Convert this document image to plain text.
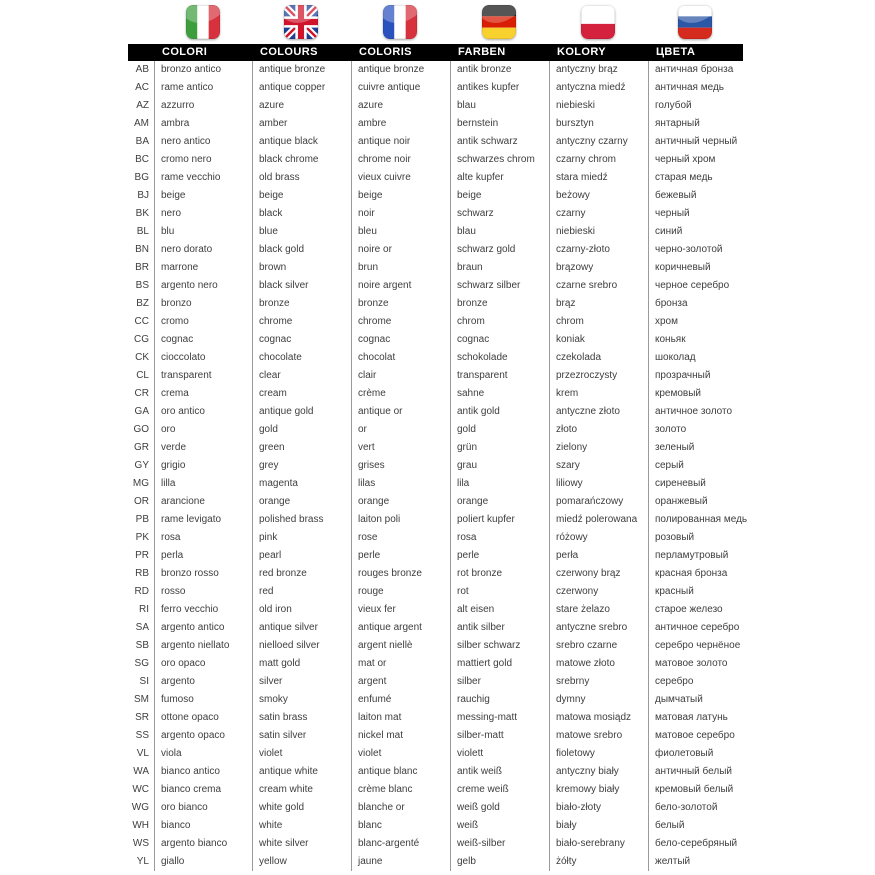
COLORI	COLOURS	COLORIS	FARBEN	KOLORY	ЦВЕТА
AB	bronzo antico	antique bronze	antique bronze	antik bronze	antyczny brąz	античная бронза
AC	rame antico	antique copper	cuivre antique	antikes kupfer	antyczna miedź	античная медь
AZ	azzurro	azure	azure	blau	niebieski	голубой
AM	ambra	amber	ambre	bernstein	bursztyn	янтарный
BA	nero antico	antique black	antique noir	antik schwarz	antyczny czarny	античный черный
BC	cromo nero	black chrome	chrome noir	schwarzes chrom	czarny chrom	черный хром
BG	rame vecchio	old brass	vieux cuivre	alte kupfer	stara miedź	старая медь
BJ	beige	beige	beige	beige	beżowy	бежевый
BK	nero	black	noir	schwarz	czarny	черный
BL	blu	blue	bleu	blau	niebieski	синий
BN	nero dorato	black gold	noire or	schwarz gold	czarny-złoto	черно-золотой
BR	marrone	brown	brun	braun	brązowy	коричневый
BS	argento nero	black silver	noire argent	schwarz silber	czarne srebro	черное серебро
BZ	bronzo	bronze	bronze	bronze	brąz	бронза
CC	cromo	chrome	chrome	chrom	chrom	хром
CG	cognac	cognac	cognac	cognac	koniak	коньяк
CK	cioccolato	chocolate	chocolat	schokolade	czekolada	шоколад
CL	transparent	clear	clair	transparent	przezroczysty	прозрачный
CR	crema	cream	crème	sahne	krem	кремовый
GA	oro antico	antique gold	antique or	antik gold	antyczne złoto	античное золото
GO	oro	gold	or	gold	złoto	золото
GR	verde	green	vert	grün	zielony	зеленый
GY	grigio	grey	grises	grau	szary	серый
MG	lilla	magenta	lilas	lila	liliowy	сиреневый
OR	arancione	orange	orange	orange	pomarańczowy	оранжевый
PB	rame levigato	polished brass	laiton poli	poliert kupfer	miedź polerowana	полированная медь
PK	rosa	pink	rose	rosa	różowy	розовый
PR	perla	pearl	perle	perle	perła	перламутровый
RB	bronzo rosso	red bronze	rouges bronze	rot bronze	czerwony brąz	красная бронза
RD	rosso	red	rouge	rot	czerwony	красный
RI	ferro vecchio	old iron	vieux fer	alt eisen	stare żelazo	старое железо
SA	argento antico	antique silver	antique argent	antik silber	antyczne srebro	античное серебро
SB	argento niellato	nielloed silver	argent niellè	silber schwarz	srebro czarne	серебро чернёное
SG	oro opaco	matt gold	mat or	mattiert gold	matowe złoto	матовое золото
SI	argento	silver	argent	silber	srebrny	серебро
SM	fumoso	smoky	enfumé	rauchig	dymny	дымчатый
SR	ottone opaco	satin brass	laiton mat	messing-matt	matowa mosiądz	матовая латунь
SS	argento opaco	satin silver	nickel mat	silber-matt	matowe srebro	матовое серебро
VL	viola	violet	violet	violett	fioletowy	фиолетовый
WA	bianco antico	antique white	antique blanc	antik weiß	antyczny biały	античный белый
WC	bianco crema	cream white	crème blanc	creme weiß	kremowy biały	кремовый белый
WG	oro bianco	white gold	blanche or	weiß gold	biało-złoty	бело-золотой
WH	bianco	white	blanc	weiß	biały	белый
WS	argento bianco	white silver	blanc-argenté	weiß-silber	biało-serebrany	бело-серебряный
YL	giallo	yellow	jaune	gelb	żółty	желтый
